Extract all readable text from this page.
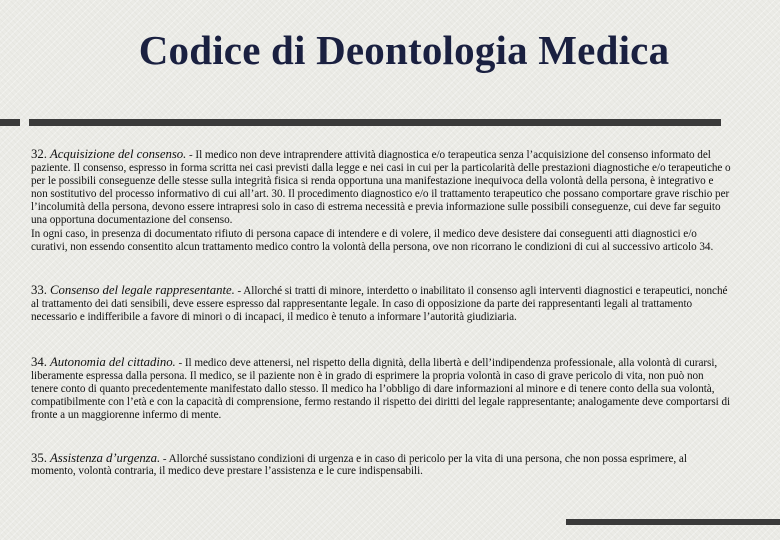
Codice di Deontologia Medica

32. Acquisizione del consenso. - Il medico non deve intraprendere attività diagnostica e/o terapeutica senza l’acquisizione del consenso informato del paziente. Il consenso, espresso in forma scritta nei casi previsti dalla legge e nei casi in cui per la particolarità delle prestazioni diagnostiche e/o terapeutiche o per le possibili conseguenze delle stesse sulla integrità fisica si renda opportuna una manifestazione inequivoca della volontà della persona, è integrativo e non sostitutivo del processo informativo di cui all’art. 30. Il procedimento diagnostico e/o il trattamento terapeutico che possano comportare grave rischio per l’incolumità della persona, devono essere intrapresi solo in caso di estrema necessità e previa informazione sulle possibili conseguenze, cui deve far seguito una opportuna documentazione del consenso.

In ogni caso, in presenza di documentato rifiuto di persona capace di intendere e di volere, il medico deve desistere dai conseguenti atti diagnostici e/o curativi, non essendo consentito alcun trattamento medico contro la volontà della persona, ove non ricorrano le condizioni di cui al successivo articolo 34.

33. Consenso del legale rappresentante. - Allorché si tratti di minore, interdetto o inabilitato il consenso agli interventi diagnostici e terapeutici, nonché al trattamento dei dati sensibili, deve essere espresso dal rappresentante legale. In caso di opposizione da parte dei rappresentanti legali al trattamento necessario e indifferibile a favore di minori o di incapaci, il medico è tenuto a informare l’autorità giudiziaria.

34. Autonomia del cittadino. - Il medico deve attenersi, nel rispetto della dignità, della libertà e dell’indipendenza professionale, alla volontà di curarsi, liberamente espressa dalla persona. Il medico, se il paziente non è in grado di esprimere la propria volontà in caso di grave pericolo di vita, non può non tenere conto di quanto precedentemente manifestato dallo stesso. Il medico ha l’obbligo di dare informazioni al minore e di tenere conto della sua volontà, compatibilmente con l’età e con la capacità di comprensione, fermo restando il rispetto dei diritti del legale rappresentante; analogamente deve comportarsi di fronte a un maggiorenne infermo di mente.

35. Assistenza d’urgenza. - Allorché sussistano condizioni di urgenza e in caso di pericolo per la vita di una persona, che non possa esprimere, al momento, volontà contraria, il medico deve prestare l’assistenza e le cure indispensabili.
